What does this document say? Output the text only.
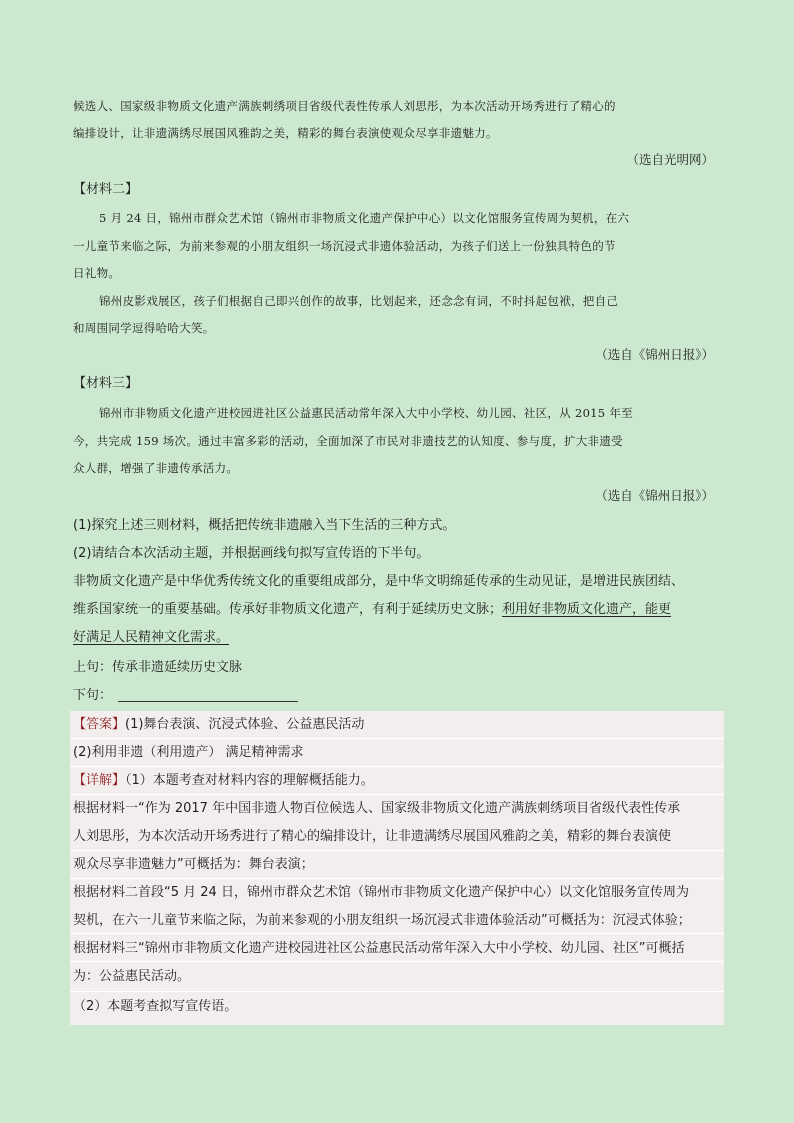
候选人、国家级非物质文化遗产满族刺绣项目省级代表性传承人刘思彤，为本次活动开场秀进行了精心的

编排设计，让非遗满绣尽展国风雅韵之美，精彩的舞台表演使观众尽享非遗魅力。

（选自光明网）

【材料二】

5 月 24 日，锦州市群众艺术馆（锦州市非物质文化遗产保护中心）以文化馆服务宣传周为契机，在六

一儿童节来临之际，为前来参观的小朋友组织一场沉浸式非遗体验活动，为孩子们送上一份独具特色的节

日礼物。

锦州皮影戏展区，孩子们根据自己即兴创作的故事，比划起来，还念念有词，不时抖起包袱，把自己

和周围同学逗得哈哈大笑。

（选自《锦州日报》）

【材料三】

锦州市非物质文化遗产进校园进社区公益惠民活动常年深入大中小学校、幼儿园、社区，从 2015 年至

今，共完成 159 场次。通过丰富多彩的活动，全面加深了市民对非遗技艺的认知度、参与度，扩大非遗受

众人群，增强了非遗传承活力。

（选自《锦州日报》）

(1)探究上述三则材料，概括把传统非遗融入当下生活的三种方式。

(2)请结合本次活动主题，并根据画线句拟写宣传语的下半句。

非物质文化遗产是中华优秀传统文化的重要组成部分，是中华文明绵延传承的生动见证，是增进民族团结、

维系国家统一的重要基础。传承好非物质文化遗产，有利于延续历史文脉；利用好非物质文化遗产，能更

好满足人民精神文化需求。

上句：传承非遗延续历史文脉

下句：

【答案】(1)舞台表演、沉浸式体验、公益惠民活动

(2)利用非遗（利用遗产） 满足精神需求

【详解】（1）本题考查对材料内容的理解概括能力。

根据材料一“作为 2017 年中国非遗人物百位候选人、国家级非物质文化遗产满族刺绣项目省级代表性传承

人刘思彤，为本次活动开场秀进行了精心的编排设计，让非遗满绣尽展国风雅韵之美，精彩的舞台表演使

观众尽享非遗魅力”可概括为：舞台表演；

根据材料二首段“5 月 24 日，锦州市群众艺术馆（锦州市非物质文化遗产保护中心）以文化馆服务宣传周为

契机，在六一儿童节来临之际，为前来参观的小朋友组织一场沉浸式非遗体验活动”可概括为：沉浸式体验；

根据材料三“锦州市非物质文化遗产进校园进社区公益惠民活动常年深入大中小学校、幼儿园、社区”可概括

为：公益惠民活动。

（2）本题考查拟写宣传语。
